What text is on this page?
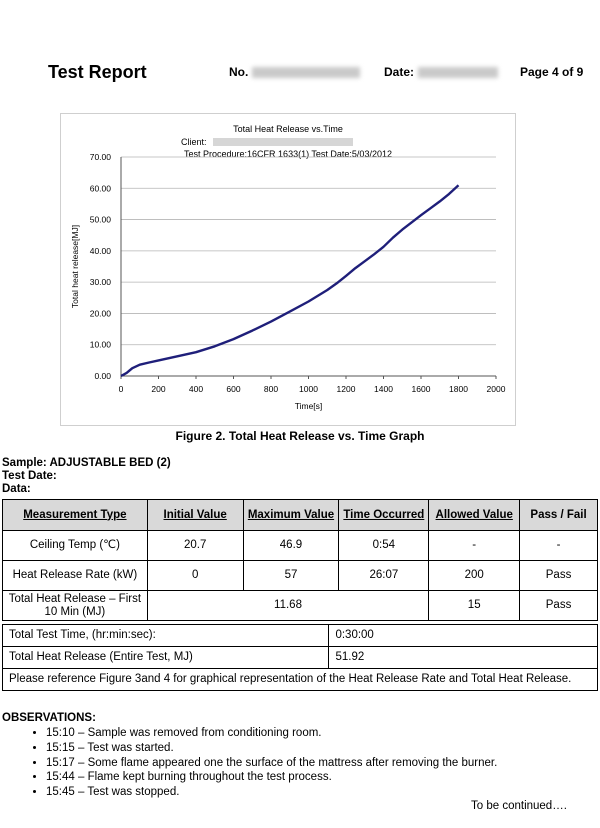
Test Report	No.	Date:	Page 4 of 9
Total Heat Release vs.Time
Client:
Test Procedure:16CFR 1633(1) Test Date:5/03/2012
0.00
10.00
20.00
30.00
40.00
50.00
60.00
70.00
0	200	400	600	800 1000 1200 1400 1600 1800 2000
Time[s]
Total heat release[MJ]
Figure 2. Total Heat Release vs. Time Graph
Sample: ADJUSTABLE BED (2)
Test Date:
Data:
Measurement Type	Initial Value	Maximum Value	Time Occurred	Allowed Value	Pass / Fail
Ceiling Temp (℃)	20.7	46.9	0:54	-	-
Heat Release Rate (kW)	0	57	26:07	200	Pass
Total Heat Release – First 10 Min (MJ)	11.68			15	Pass
Total Test Time, (hr:min:sec):	0:30:00
Total Heat Release (Entire Test, MJ)	51.92
Please reference Figure 3and 4 for graphical representation of the Heat Release Rate and Total Heat Release.	
OBSERVATIONS:
• 15:10 – Sample was removed from conditioning room.
• 15:15 – Test was started.
• 15:17 – Some flame appeared one the surface of the mattress after removing the burner.
• 15:44 – Flame kept burning throughout the test process.
• 15:45 – Test was stopped.
To be continued….
